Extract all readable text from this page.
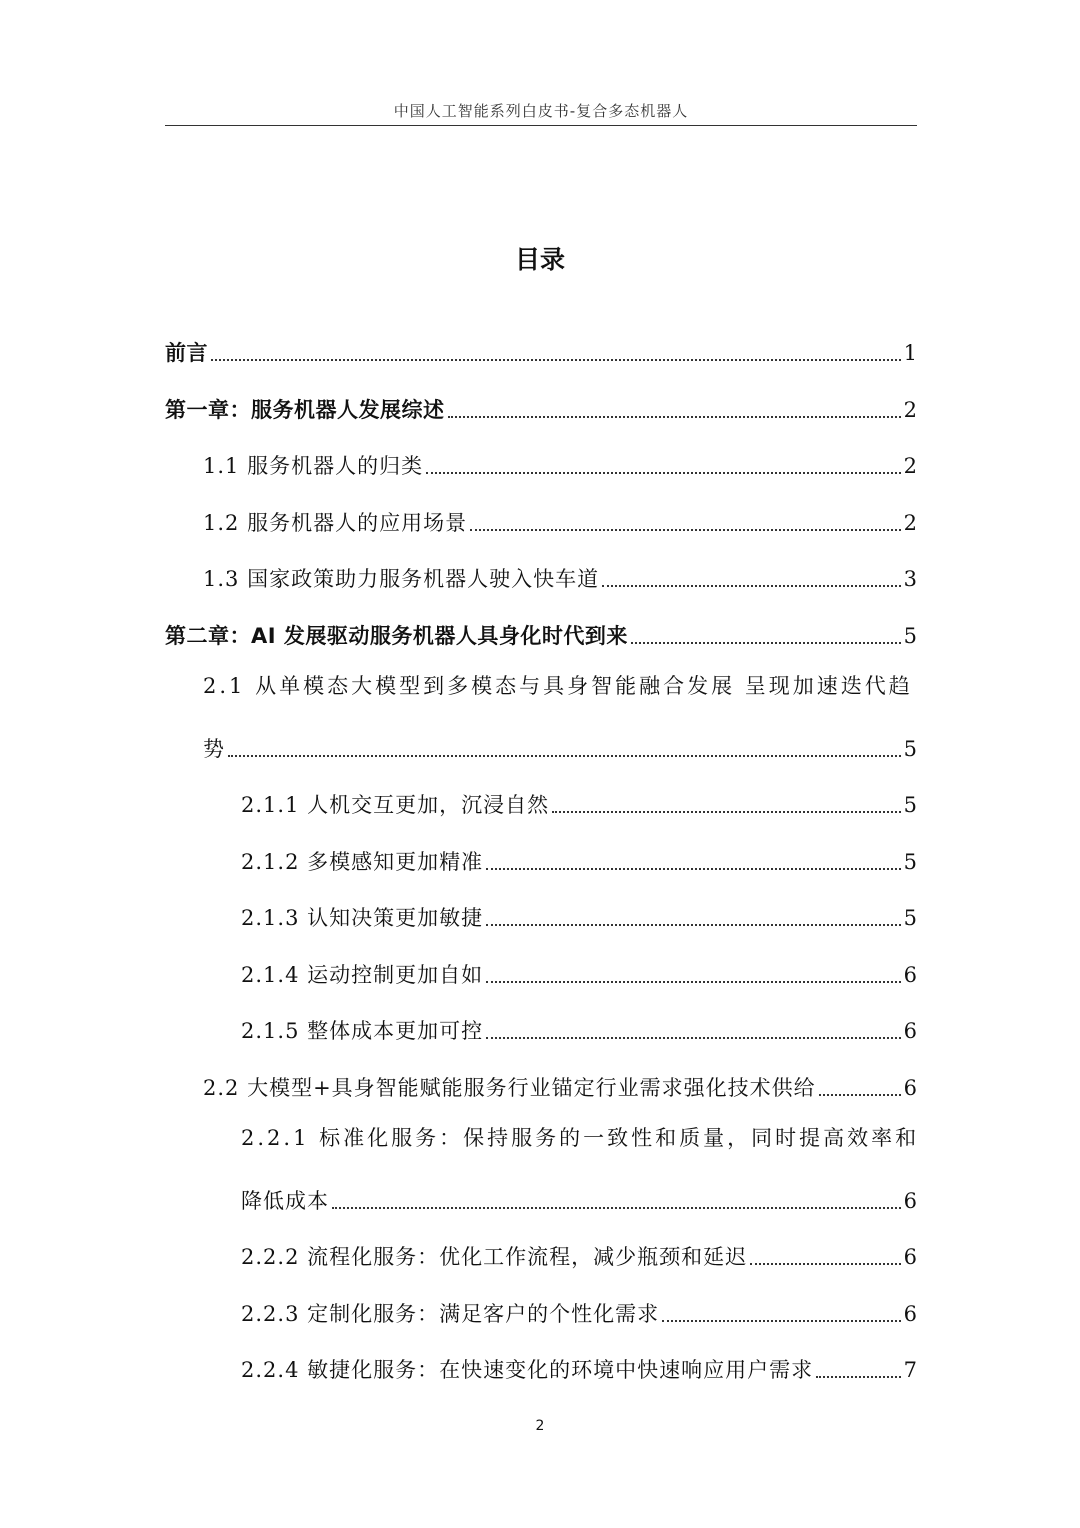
中国人工智能系列白皮书-复合多态机器人
目录
前言	1
第一章：服务机器人发展综述	2
1.1 服务机器人的归类	2
1.2 服务机器人的应用场景	2
1.3 国家政策助力服务机器人驶入快车道	3
第二章：AI 发展驱动服务机器人具身化时代到来	5
2.1 从单模态大模型到多模态与具身智能融合发展 呈现加速迭代趋
势	5
2.1.1 人机交互更加，沉浸自然	5
2.1.2 多模感知更加精准	5
2.1.3 认知决策更加敏捷	5
2.1.4 运动控制更加自如	6
2.1.5 整体成本更加可控	6
2.2 大模型+具身智能赋能服务行业锚定行业需求强化技术供给	6
2.2.1 标准化服务：保持服务的一致性和质量，同时提高效率和
降低成本	6
2.2.2 流程化服务：优化工作流程，减少瓶颈和延迟	6
2.2.3 定制化服务：满足客户的个性化需求	6
2.2.4 敏捷化服务：在快速变化的环境中快速响应用户需求	7
2
